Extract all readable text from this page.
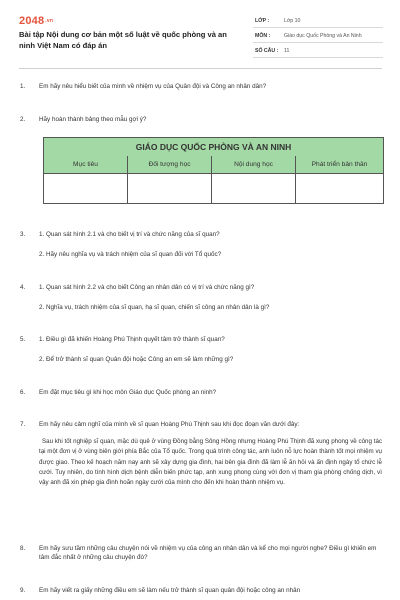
2048.vn
Bài tập Nội dung cơ bản một số luật về quốc phòng và an ninh Việt Nam có đáp án
LỚP :	Lớp 10
MÔN :	Giáo dục Quốc Phòng và An Ninh
SỐ CÂU : 11
1. Em hãy nêu hiểu biết của mình về nhiệm vụ của Quân đội và Công an nhân dân?
2. Hãy hoàn thành bảng theo mẫu gợi ý?
GIÁO DỤC QUỐC PHÒNG VÀ AN NINH
Mục tiêu	Đối tượng học	Nội dung học	Phát triển bản thân
3. 1. Quan sát hình 2.1 và cho biết vị trí và chức năng của sĩ quan?
2. Hãy nêu nghĩa vụ và trách nhiệm của sĩ quan đối với Tổ quốc?
4. 1. Quan sát hình 2.2 và cho biết Công an nhân dân có vị trí và chức năng gì?
2. Nghĩa vụ, trách nhiệm của sĩ quan, hạ sĩ quan, chiến sĩ công an nhân dân là gì?
5. 1. Điều gì đã khiến Hoàng Phú Thịnh quyết tâm trở thành sĩ quan?
2. Để trở thành sĩ quan Quân đội hoặc Công an em sẽ làm những gì?
6. Em đặt mục tiêu gì khi học môn Giáo dục Quốc phòng an ninh?
7. Em hãy nêu cảm nghĩ của mình về sĩ quan Hoàng Phú Thịnh sau khi đọc đoạn văn dưới đây:
Sau khi tốt nghiệp sĩ quan, mặc dù quê ở vùng Đồng bằng Sông Hồng nhưng Hoàng Phú Thịnh đã xung phong về công tác tại một đơn vị ở vùng biên giới phía Bắc của Tổ quốc. Trong quá trình công tác, anh luôn nỗ lực hoàn thành tốt mọi nhiệm vụ được giao. Theo kế hoạch năm nay anh sẽ xây dựng gia đình, hai bên gia đình đã làm lễ ăn hỏi và ấn định ngày tổ chức lễ cưới. Tuy nhiên, do tình hình dịch bệnh diễn biến phức tạp, anh xung phong cùng với đơn vị tham gia phòng chống dịch, vì vậy anh đã xin phép gia đình hoãn ngày cưới của mình cho đến khi hoàn thành nhiệm vụ.
8. Em hãy sưu tầm những câu chuyện nói về nhiệm vụ của công an nhân dân và kể cho mọi người nghe? Điều gì khiến em tâm đắc nhất ở những câu chuyện đó?
9. Em hãy viết ra giấy những điều em sẽ làm nếu trở thành sĩ quan quân đội hoặc công an nhân
